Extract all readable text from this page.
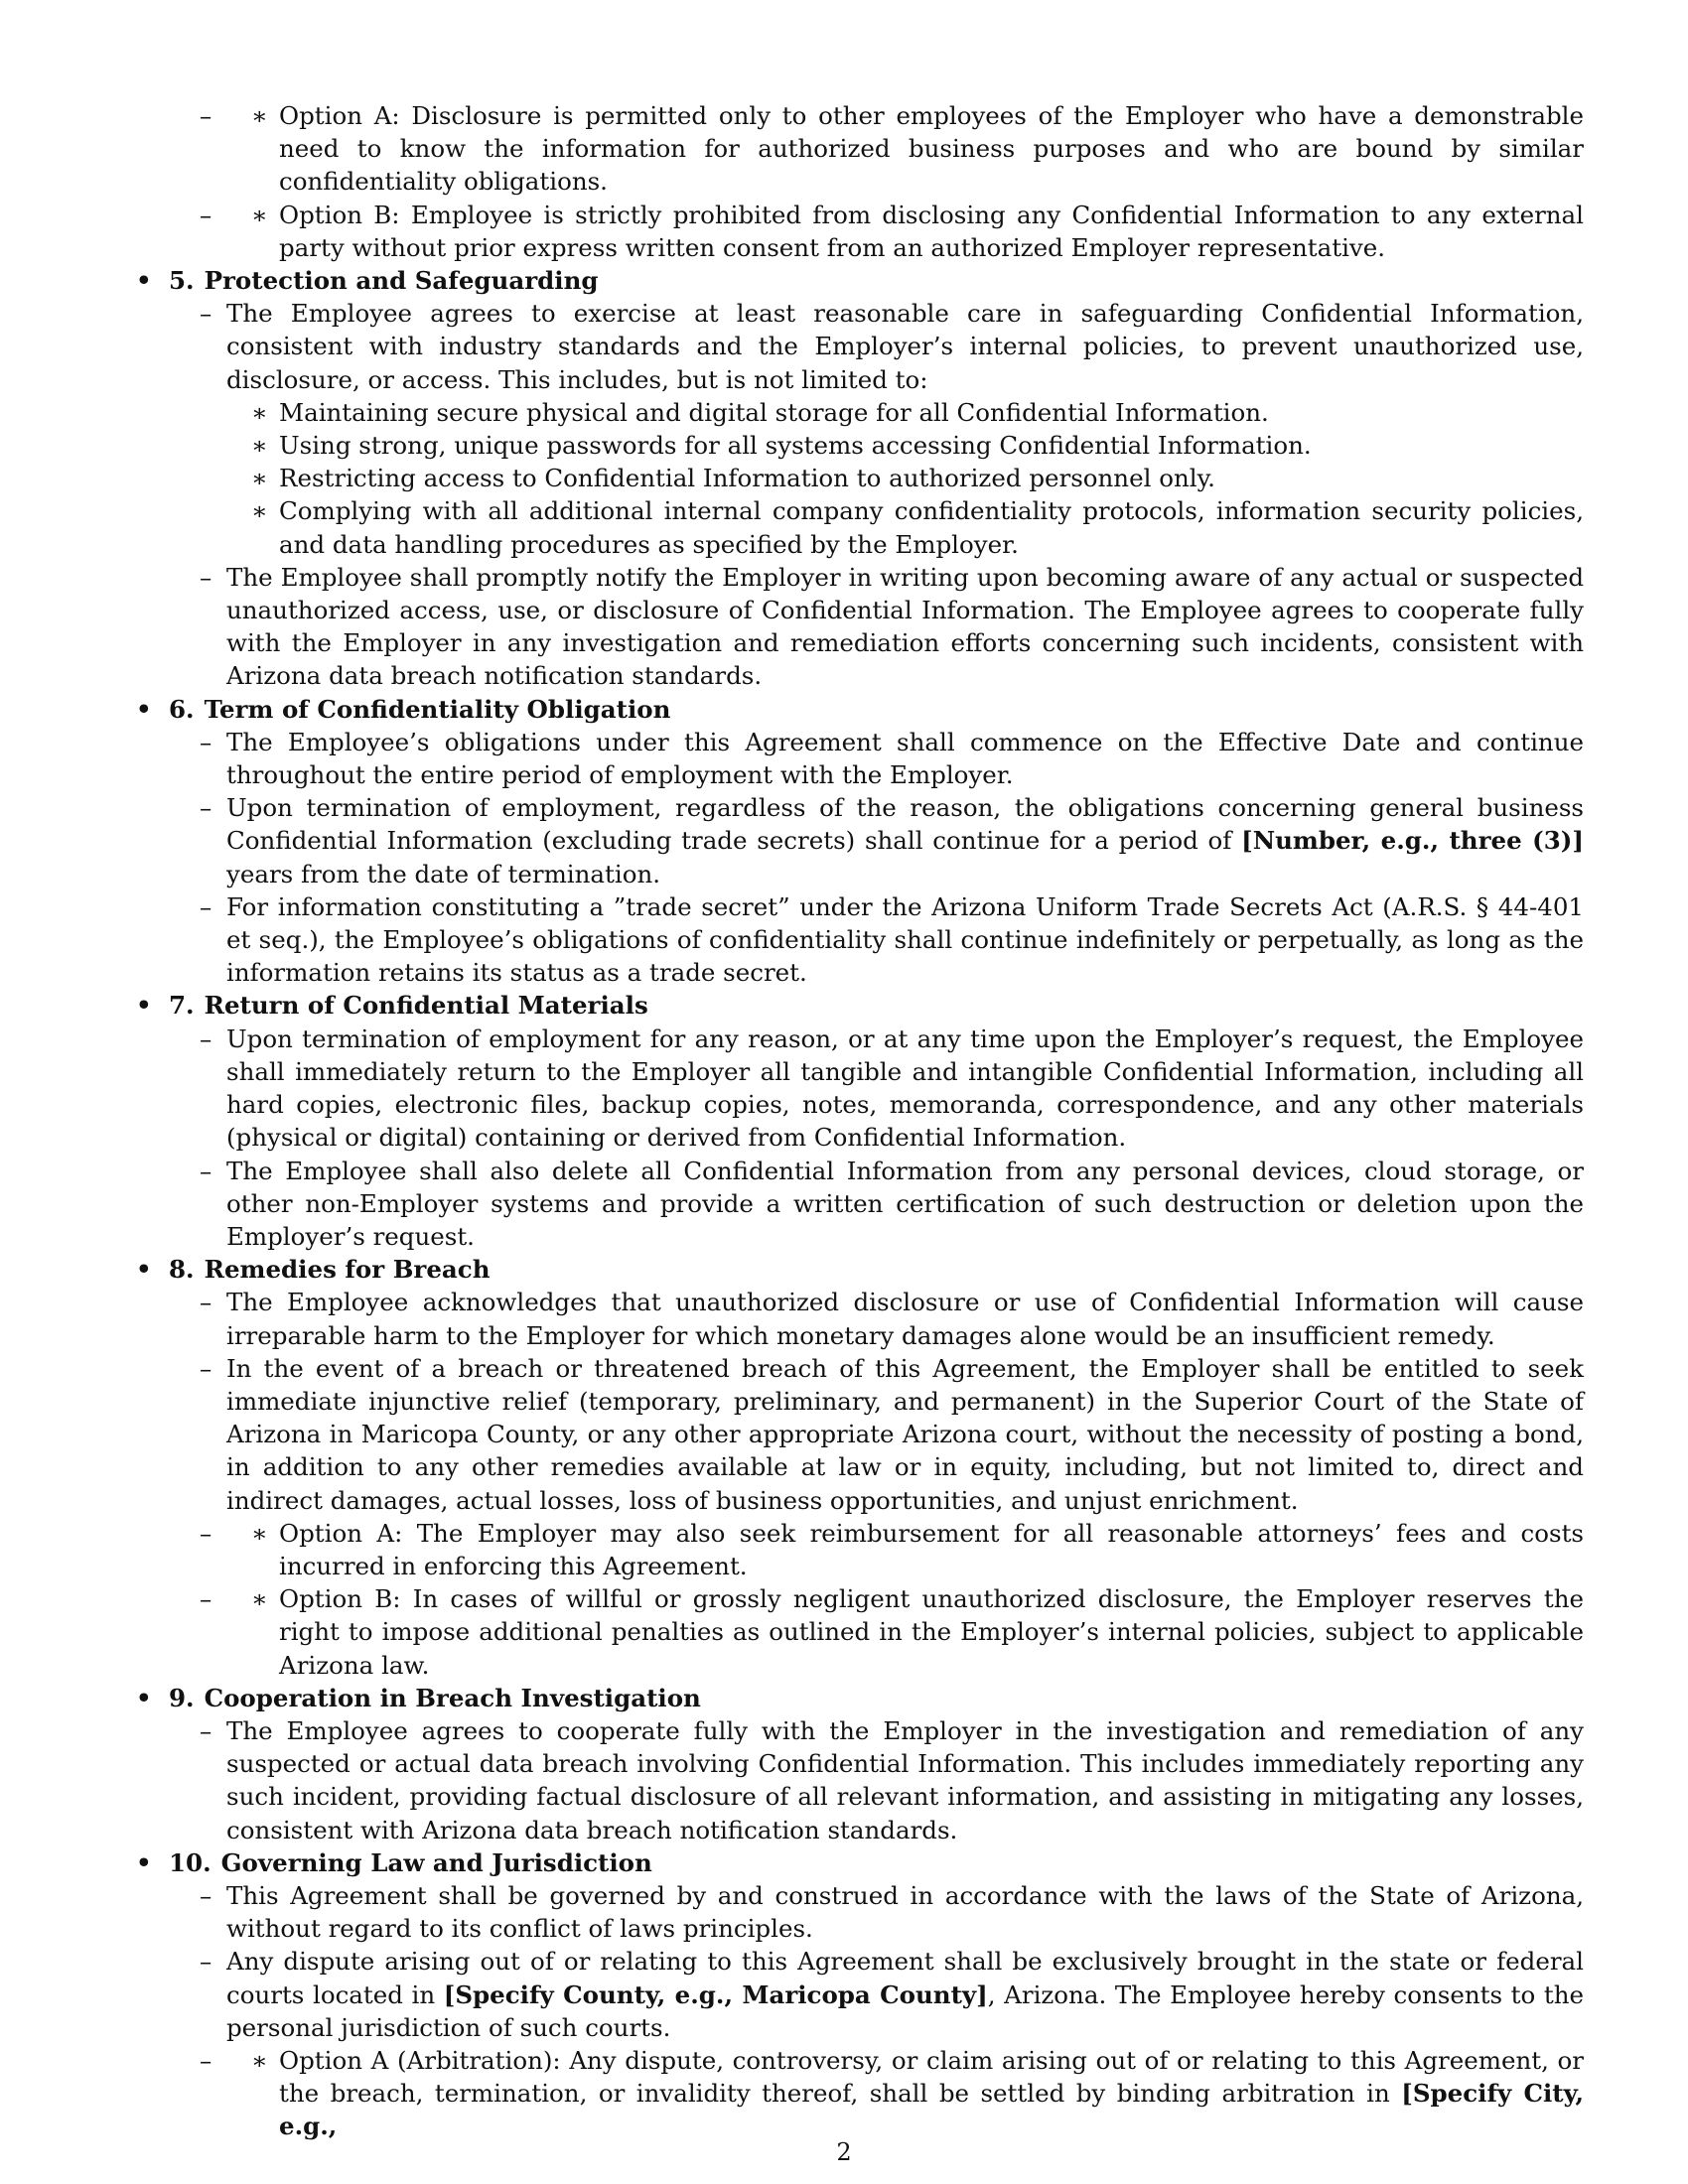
– Option A: Disclosure is permitted only to other employees of the Employer who have a demonstrable need to know the information for authorized business purposes and who are bound by similar confidentiality obligations. ∗
– Option B: Employee is strictly prohibited from disclosing any Confidential Information to any external party without prior express written consent from an authorized Employer representative. ∗
• 5. Protection and Safeguarding
– The Employee agrees to exercise at least reasonable care in safeguarding Confidential Information, consistent with industry standards and the Employer’s internal policies, to prevent unauthorized use, disclosure, or access. This includes, but is not limited to:
∗ Maintaining secure physical and digital storage for all Confidential Information.
∗ Using strong, unique passwords for all systems accessing Confidential Information.
∗ Restricting access to Confidential Information to authorized personnel only.
∗ Complying with all additional internal company confidentiality protocols, information security policies, and data handling procedures as specified by the Employer.
– The Employee shall promptly notify the Employer in writing upon becoming aware of any actual or suspected unauthorized access, use, or disclosure of Confidential Information. The Employee agrees to cooperate fully with the Employer in any investigation and remediation efforts concerning such incidents, consistent with Arizona data breach notification standards.
• 6. Term of Confidentiality Obligation
– The Employee’s obligations under this Agreement shall commence on the Effective Date and continue throughout the entire period of employment with the Employer.
– Upon termination of employment, regardless of the reason, the obligations concerning general business Confidential Information (excluding trade secrets) shall continue for a period of [Number, e.g., three (3)] years from the date of termination.
– For information constituting a ”trade secret” under the Arizona Uniform Trade Secrets Act (A.R.S. § 44-401 et seq.), the Employee’s obligations of confidentiality shall continue indefinitely or perpetually, as long as the information retains its status as a trade secret.
• 7. Return of Confidential Materials
– Upon termination of employment for any reason, or at any time upon the Employer’s request, the Employee shall immediately return to the Employer all tangible and intangible Confidential Information, including all hard copies, electronic files, backup copies, notes, memoranda, correspondence, and any other materials (physical or digital) containing or derived from Confidential Information.
– The Employee shall also delete all Confidential Information from any personal devices, cloud storage, or other non-Employer systems and provide a written certification of such destruction or deletion upon the Employer’s request.
• 8. Remedies for Breach
– The Employee acknowledges that unauthorized disclosure or use of Confidential Information will cause irreparable harm to the Employer for which monetary damages alone would be an insufficient remedy.
– In the event of a breach or threatened breach of this Agreement, the Employer shall be entitled to seek immediate injunctive relief (temporary, preliminary, and permanent) in the Superior Court of the State of Arizona in Maricopa County, or any other appropriate Arizona court, without the necessity of posting a bond, in addition to any other remedies available at law or in equity, including, but not limited to, direct and indirect damages, actual losses, loss of business opportunities, and unjust enrichment.
– Option A: The Employer may also seek reimbursement for all reasonable attorneys’ fees and costs incurred in enforcing this Agreement. ∗
– Option B: In cases of willful or grossly negligent unauthorized disclosure, the Employer reserves the right to impose additional penalties as outlined in the Employer’s internal policies, subject to applicable Arizona law. ∗
• 9. Cooperation in Breach Investigation
– The Employee agrees to cooperate fully with the Employer in the investigation and remediation of any suspected or actual data breach involving Confidential Information. This includes immediately reporting any such incident, providing factual disclosure of all relevant information, and assisting in mitigating any losses, consistent with Arizona data breach notification standards.
• 10. Governing Law and Jurisdiction
– This Agreement shall be governed by and construed in accordance with the laws of the State of Arizona, without regard to its conflict of laws principles.
– Any dispute arising out of or relating to this Agreement shall be exclusively brought in the state or federal courts located in [Specify County, e.g., Maricopa County], Arizona. The Employee hereby consents to the personal jurisdiction of such courts.
– Option A (Arbitration): Any dispute, controversy, or claim arising out of or relating to this Agreement, or the breach, termination, or invalidity thereof, shall be settled by binding arbitration in [Specify City, e.g., ∗
2
